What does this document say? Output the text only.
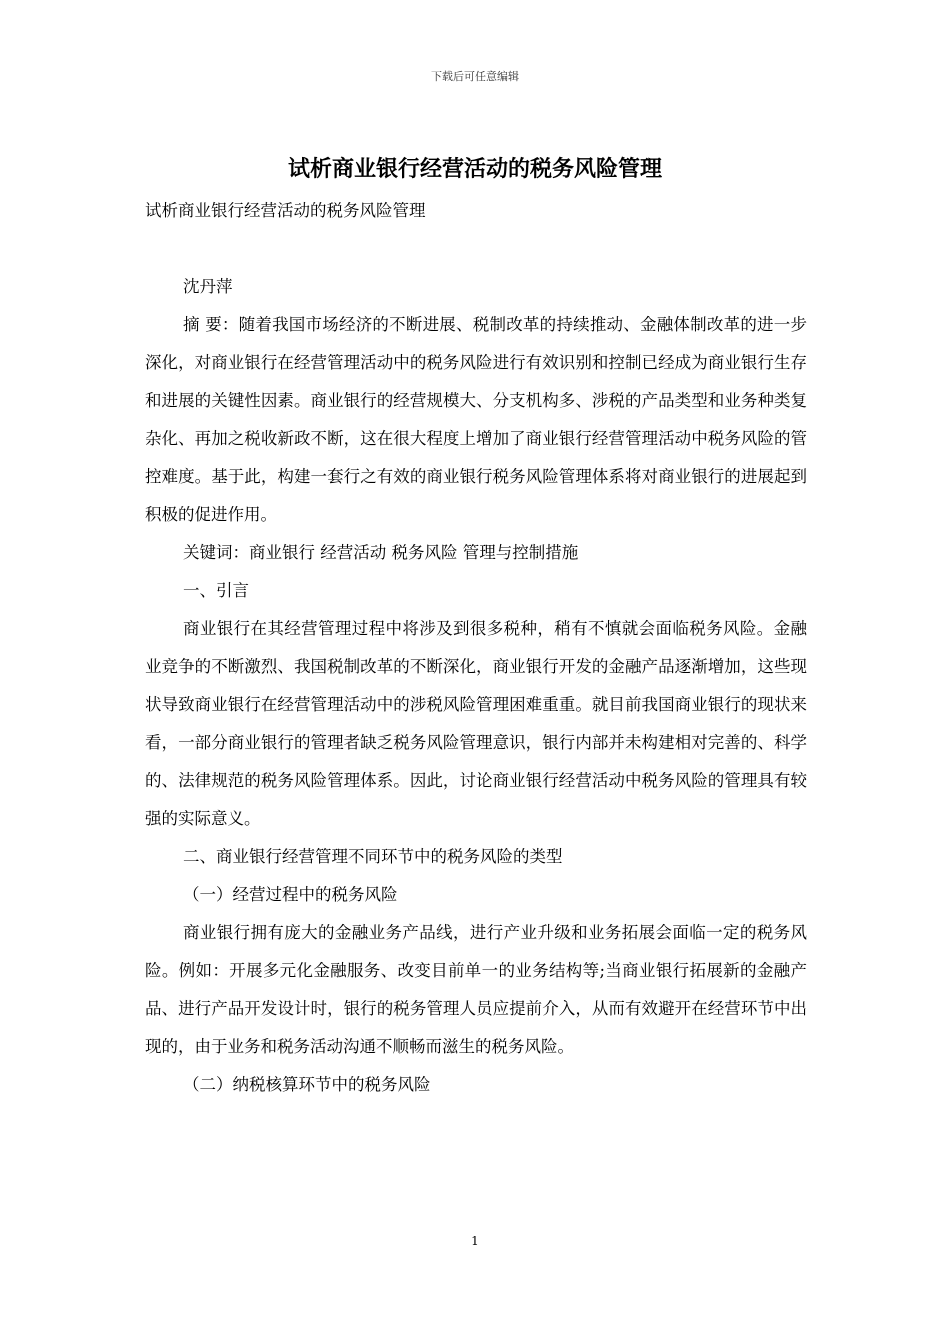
下载后可任意编辑
试析商业银行经营活动的税务风险管理

试析商业银行经营活动的税务风险管理

沈丹萍

摘 要：随着我国市场经济的不断进展、税制改革的持续推动、金融体制改革的进一步深化，对商业银行在经营管理活动中的税务风险进行有效识别和控制已经成为商业银行生存和进展的关键性因素。商业银行的经营规模大、分支机构多、涉税的产品类型和业务种类复杂化、再加之税收新政不断，这在很大程度上增加了商业银行经营管理活动中税务风险的管控难度。基于此，构建一套行之有效的商业银行税务风险管理体系将对商业银行的进展起到积极的促进作用。

关键词：商业银行 经营活动 税务风险 管理与控制措施

一、引言

商业银行在其经营管理过程中将涉及到很多税种，稍有不慎就会面临税务风险。金融业竞争的不断激烈、我国税制改革的不断深化，商业银行开发的金融产品逐渐增加，这些现状导致商业银行在经营管理活动中的涉税风险管理困难重重。就目前我国商业银行的现状来看，一部分商业银行的管理者缺乏税务风险管理意识，银行内部并未构建相对完善的、科学的、法律规范的税务风险管理体系。因此，讨论商业银行经营活动中税务风险的管理具有较强的实际意义。

二、商业银行经营管理不同环节中的税务风险的类型

（一）经营过程中的税务风险

商业银行拥有庞大的金融业务产品线，进行产业升级和业务拓展会面临一定的税务风险。例如：开展多元化金融服务、改变目前单一的业务结构等;当商业银行拓展新的金融产品、进行产品开发设计时，银行的税务管理人员应提前介入，从而有效避开在经营环节中出现的，由于业务和税务活动沟通不顺畅而滋生的税务风险。

（二）纳税核算环节中的税务风险

1
